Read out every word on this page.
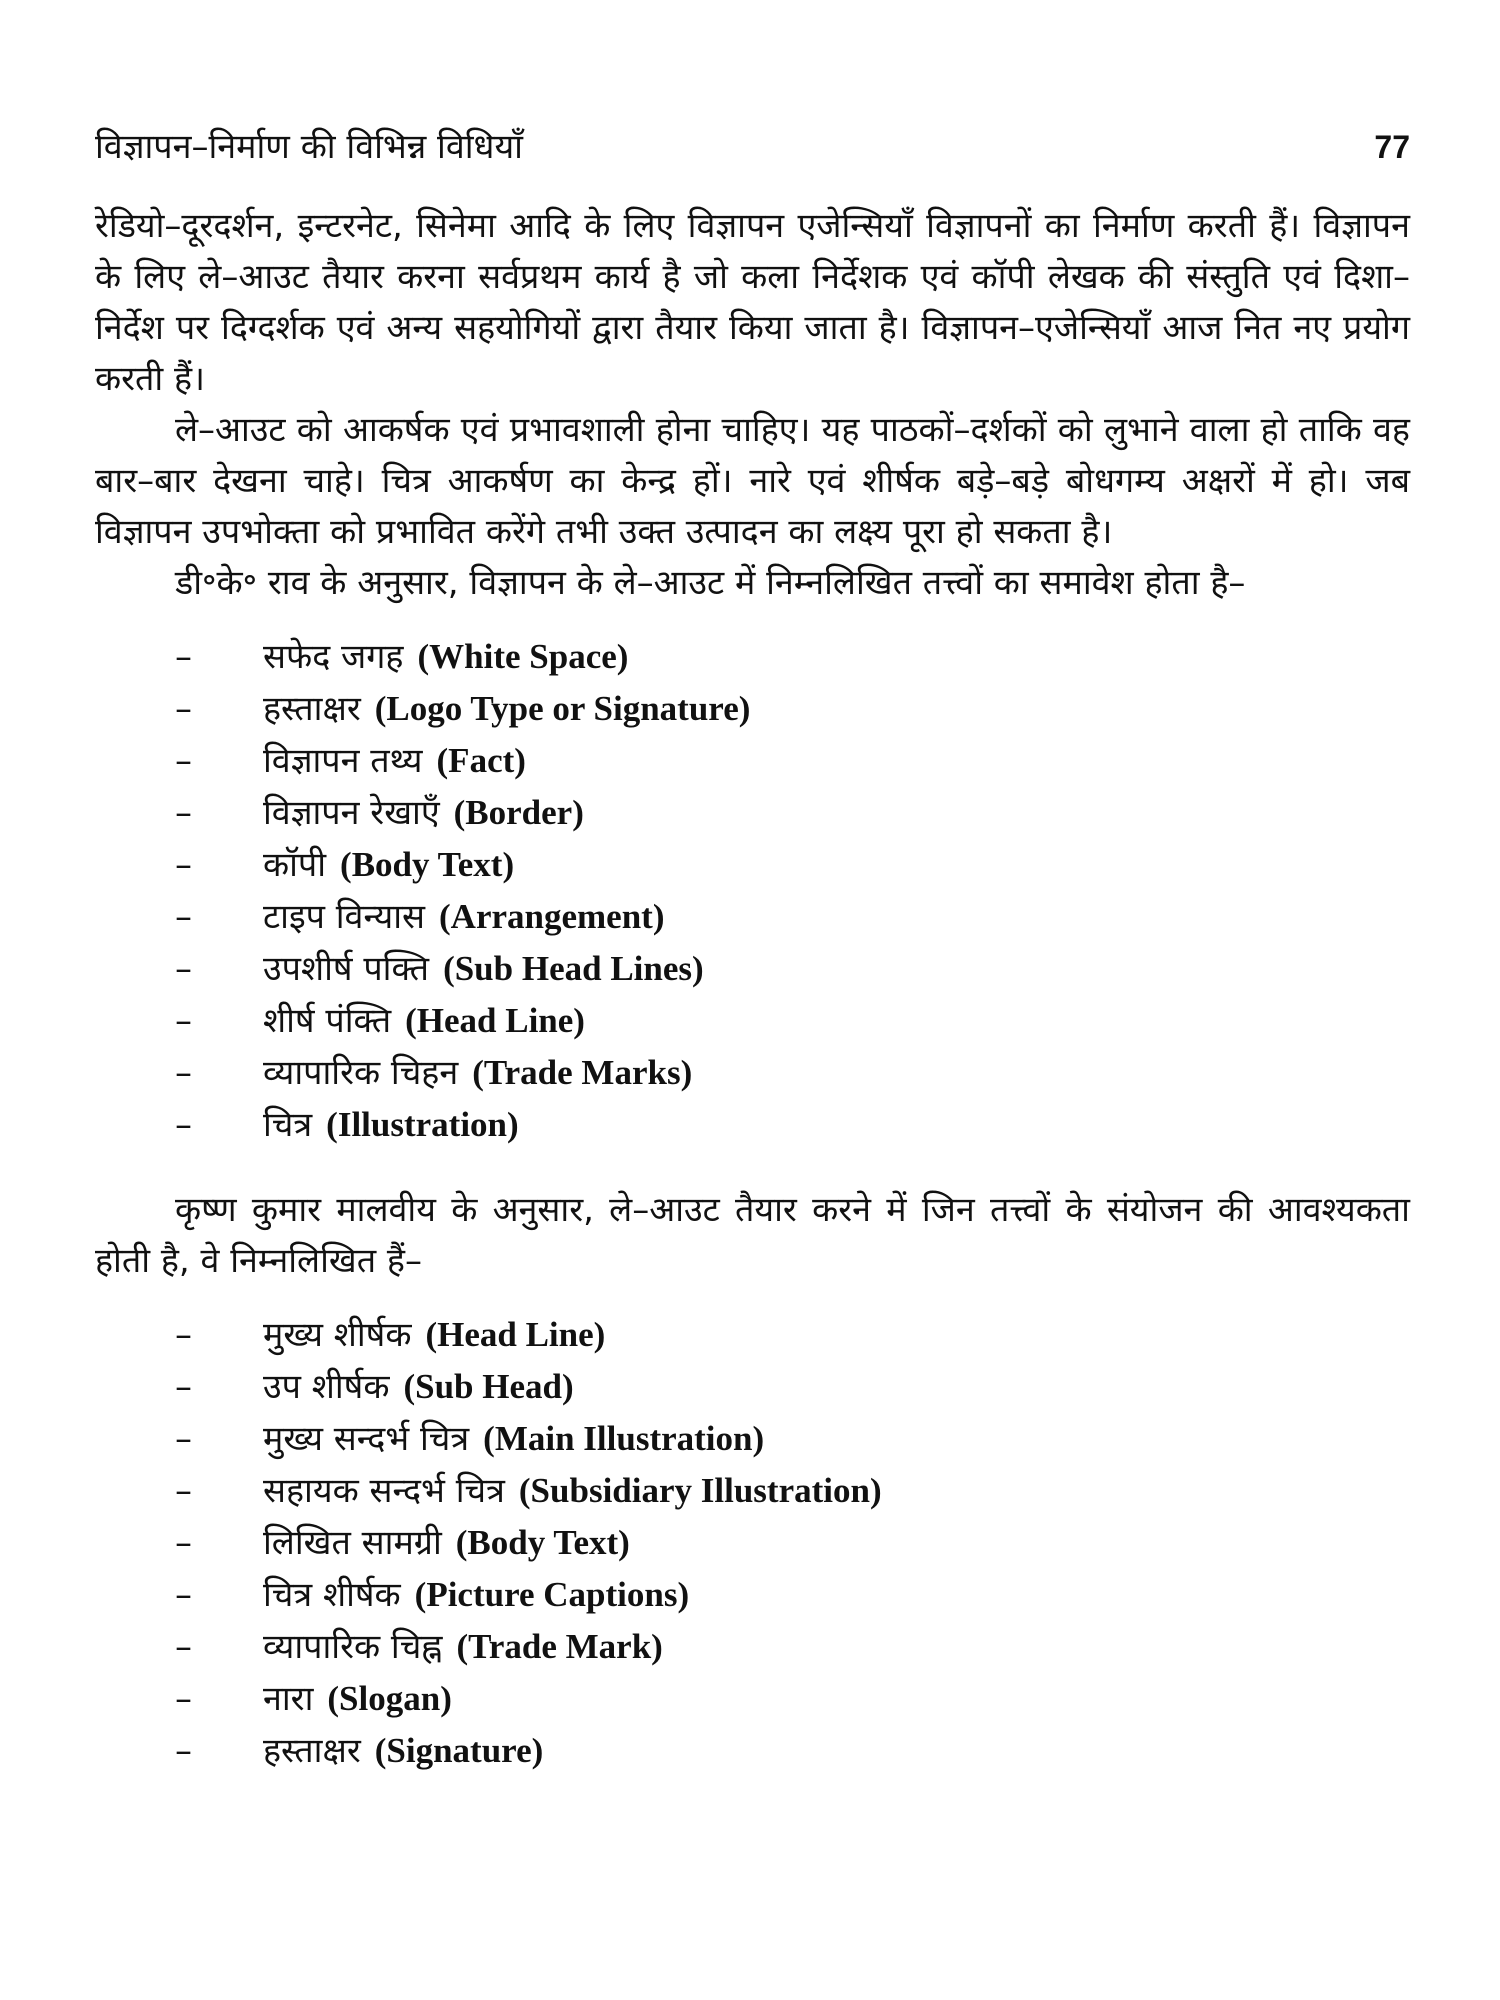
विज्ञापन–निर्माण की विभिन्न विधियाँ	77

रेडियो–दूरदर्शन, इन्टरनेट, सिनेमा आदि के लिए विज्ञापन एजेन्सियाँ विज्ञापनों का निर्माण करती हैं। विज्ञापन के लिए ले–आउट तैयार करना सर्वप्रथम कार्य है जो कला निर्देशक एवं कॉपी लेखक की संस्तुति एवं दिशा–निर्देश पर दिग्दर्शक एवं अन्य सहयोगियों द्वारा तैयार किया जाता है। विज्ञापन–एजेन्सियाँ आज नित नए प्रयोग करती हैं।

ले–आउट को आकर्षक एवं प्रभावशाली होना चाहिए। यह पाठकों–दर्शकों को लुभाने वाला हो ताकि वह बार–बार देखना चाहे। चित्र आकर्षण का केन्द्र हों। नारे एवं शीर्षक बड़े–बड़े बोधगम्य अक्षरों में हो। जब विज्ञापन उपभोक्ता को प्रभावित करेंगे तभी उक्त उत्पादन का लक्ष्य पूरा हो सकता है।

डी॰के॰ राव के अनुसार, विज्ञापन के ले–आउट में निम्नलिखित तत्त्वों का समावेश होता है–

–	सफेद जगह (White Space)
–	हस्ताक्षर (Logo Type or Signature)
–	विज्ञापन तथ्य (Fact)
–	विज्ञापन रेखाएँ (Border)
–	कॉपी (Body Text)
–	टाइप विन्यास (Arrangement)
–	उपशीर्ष पक्ति (Sub Head Lines)
–	शीर्ष पंक्ति (Head Line)
–	व्यापारिक चिहन (Trade Marks)
–	चित्र (Illustration)

कृष्ण कुमार मालवीय के अनुसार, ले–आउट तैयार करने में जिन तत्त्वों के संयोजन की आवश्यकता होती है, वे निम्नलिखित हैं–

–	मुख्य शीर्षक (Head Line)
–	उप शीर्षक (Sub Head)
–	मुख्य सन्दर्भ चित्र (Main Illustration)
–	सहायक सन्दर्भ चित्र (Subsidiary Illustration)
–	लिखित सामग्री (Body Text)
–	चित्र शीर्षक (Picture Captions)
–	व्यापारिक चिह्न (Trade Mark)
–	नारा (Slogan)
–	हस्ताक्षर (Signature)
